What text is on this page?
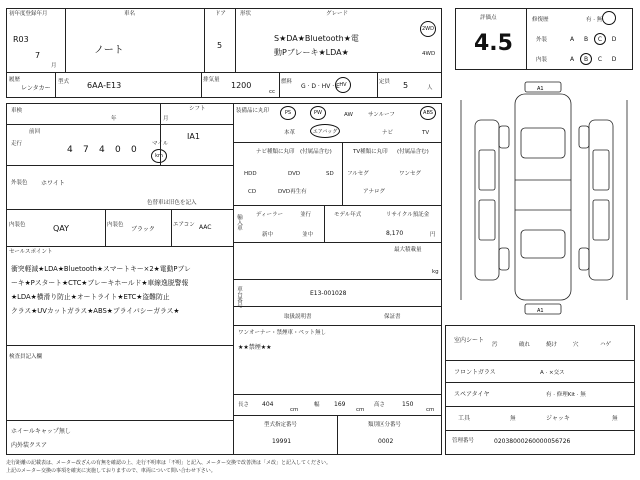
初年度登録年月
R03
7
月
車名
ノート
ドア
5
形状	グレード
S★DA★Bluetooth★電
動Pブレーキ★LDA★
2WD
4WD
履歴
レンタカー
型式 6AA-E13
排気量
1200
cc
燃料
G · D · HV · E HV	定員 5	人
車検
年	月
走行
前回
4 7 4 0 0
マイル
km
シフト
IA1
外装色 ホワイト
色替車は旧色を記入
内装色	QAY	内装色
ブラック
エアコン AAC
セールスポイント
衝突軽減★LDA★Bluetooth★スマートキー×2★電動Pブレ
ーキ★Pスタート★CTC★ブレーキホールド★車線逸脱警報
★LDA★横滑り防止★オートライト★ETC★盗難防止
クラス★UVカットガラス★ABS★プライバシーガラス★
検査員記入欄
ホイールキャップ無し
内外装クスア
装備品に丸印	PS	PW	AW	サンルーフ	ABS
本革	エアバッグ	ナビ	TV
ナビ種類に丸印 (付属品含む)
HDD	DVD	SD
CD	DVD再生有
TV種類に丸印 (付属品含む)
フルセグ	ワンセグ
アナログ
輸入車	ディーラー	並行
新中	並中
モデル年式	リサイクル預託金
8,170	円
最大積載量
kg
車台番号	E13-001028
取扱説明書	保証書
ワンオーナー・禁煙車・ペット無し
★★禁煙★★
長さ 404
cm
幅 169
cm
高さ	150
cm
型式指定番号
19991
類別区分番号
0002
評価点
4.5
修復歴	有 · 無
外装	A	B	C	D
内装	A	B	C	D
A1
A1
室内シート
汚	破れ	焼け	穴	ハゲ
フロントガラス	A · ×交ス
スペアタイヤ	有 · 修理Kit · 無
工具	無	ジャッキ	無
管理番号	02038000260000056726
走行距離の記載表は、メーター改ざんの有無を確認の上、走行不明車は「不明」と記入、メーター交換で改善済は「メ改」と記入してください。
上記のメーター交換の事項を確実に実施しておりますので、車両について問い合わせ下さい。
